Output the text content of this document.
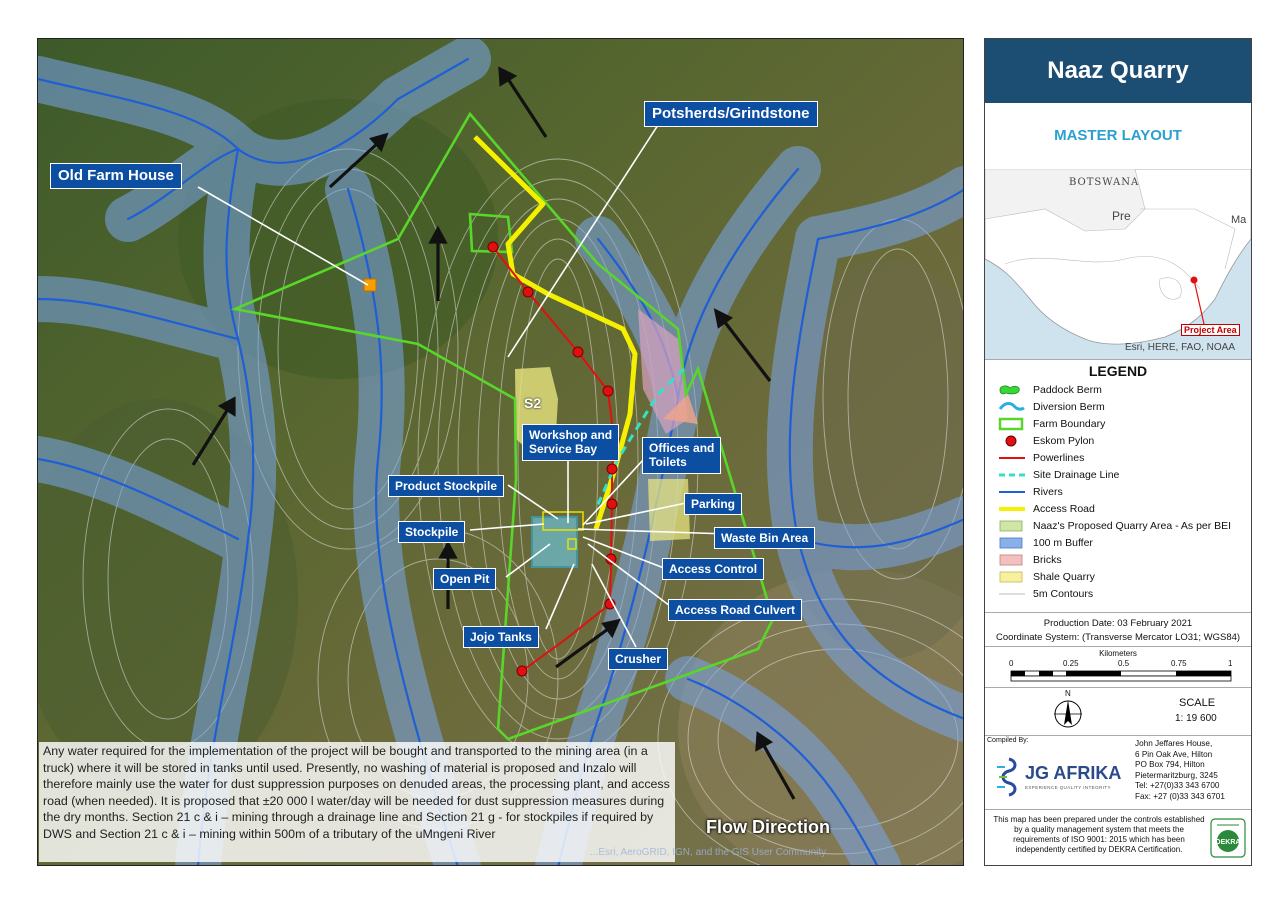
Old Farm House
Potsherds/Grindstone
Workshop and
Service Bay	Offices and
Toilets
Product Stockpile
Parking
Stockpile	Waste Bin Area
Open Pit
Access Control
Access Road Culvert
Jojo Tanks
Crusher
S2
Any water required for the implementation of the project will be bought and transported to the mining area (in a truck) where it will be stored in tanks until used. Presently, no washing of material is proposed and Inzalo will therefore mainly use the water for dust suppression purposes on denuded areas, the processing plant, and access road (when needed). It is proposed that ±20 000 l water/day will be needed for dust suppression measures during the dry months. Section 21 c & i – mining through a drainage line and Section 21 g - for stockpiles if required by DWS and Section 21 c & i – mining within 500m of a tributary of the uMngeni River
...Esri, AeroGRID, IGN, and the GIS User Community
Flow Direction
Naaz Quarry
MASTER LAYOUT
BOTSWANA
Pre	Ma
Project Area
Esri, HERE, FAO, NOAA
LEGEND
Paddock Berm
Diversion Berm
Farm Boundary
Eskom Pylon
Powerlines
Site Drainage Line
Rivers
Access Road
Naaz's Proposed Quarry Area - As per BEI
100 m Buffer
Bricks
Shale Quarry
5m Contours
Production Date: 03 February 2021
Coordinate System: (Transverse Mercator LO31; WGS84)
Kilometers
0	0.25	0.5	0.75	1
N
SCALE
1: 19 600
Compiled By:
JG AFRIKA
EXPERIENCE QUALITY INTEGRITY
John Jeffares House,
6 Pin Oak Ave, Hilton
PO Box 794, Hilton
Pietermaritzburg, 3245
Tel: +27(0)33 343 6700
Fax: +27 (0)33 343 6701
This map has been prepared under the controls established by a quality management system that meets the requirements of ISO 9001: 2015 which has been independently certified by DEKRA Certification.
DEKRA
